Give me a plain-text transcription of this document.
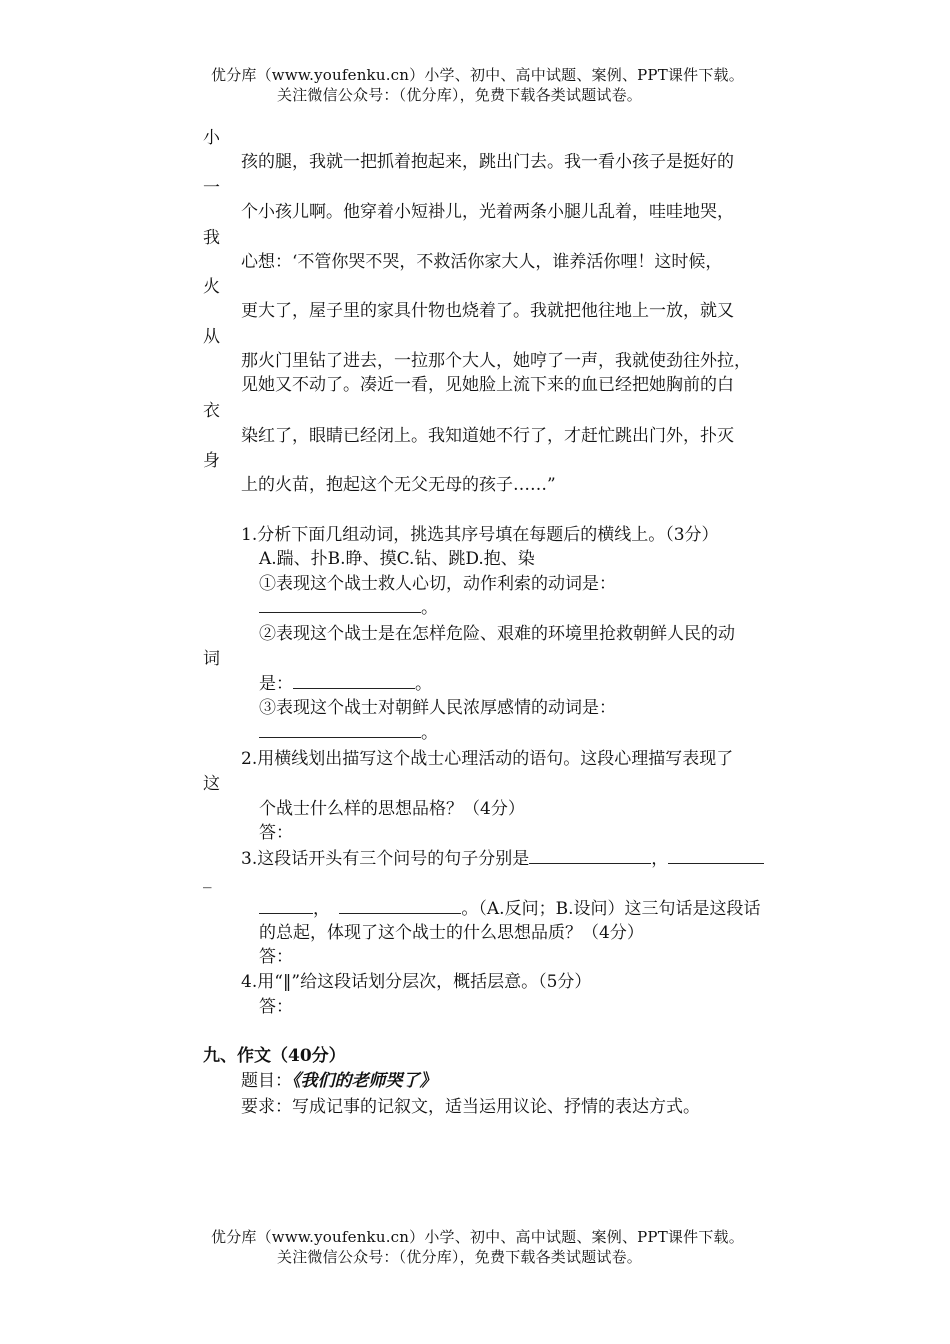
优分库（www.youfenku.cn）小学、初中、高中试题、案例、PPT课件下载。
关注微信公众号：（优分库），免费下载各类试题试卷。
小
孩的腿，我就一把抓着抱起来，跳出门去。我一看小孩子是挺好的
一
个小孩儿啊。他穿着小短褂儿，光着两条小腿儿乱着，哇哇地哭，
我
心想：‘不管你哭不哭，不救活你家大人，谁养活你哩！这时候，
火
更大了，屋子里的家具什物也烧着了。我就把他往地上一放，就又
从
那火门里钻了进去，一拉那个大人，她哼了一声，我就使劲往外拉，
见她又不动了。凑近一看，见她脸上流下来的血已经把她胸前的白
衣
染红了，眼睛已经闭上。我知道她不行了，才赶忙跳出门外，扑灭
身
上的火苗，抱起这个无父无母的孩子……”
1.分析下面几组动词，挑选其序号填在每题后的横线上。（3分）
A.踹、扑B.睁、摸C.钻、跳D.抱、染
①表现这个战士救人心切，动作利索的动词是：
。
②表现这个战士是在怎样危险、艰难的环境里抢救朝鲜人民的动
词
是：	。
③表现这个战士对朝鲜人民浓厚感情的动词是：
。
2.用横线划出描写这个战士心理活动的语句。这段心理描写表现了
这
个战士什么样的思想品格？（4分）
答：
3.这段话开头有三个问号的句子分别是	，
_
，	。（A.反问；B.设问）这三句话是这段话
的总起，体现了这个战士的什么思想品质？（4分）
答：
4.用“‖”给这段话划分层次，概括层意。（5分）
答：
九、作文（40分）
题目：《我们的老师哭了》
要求：写成记事的记叙文，适当运用议论、抒情的表达方式。
优分库（www.youfenku.cn）小学、初中、高中试题、案例、PPT课件下载。
关注微信公众号：（优分库），免费下载各类试题试卷。
